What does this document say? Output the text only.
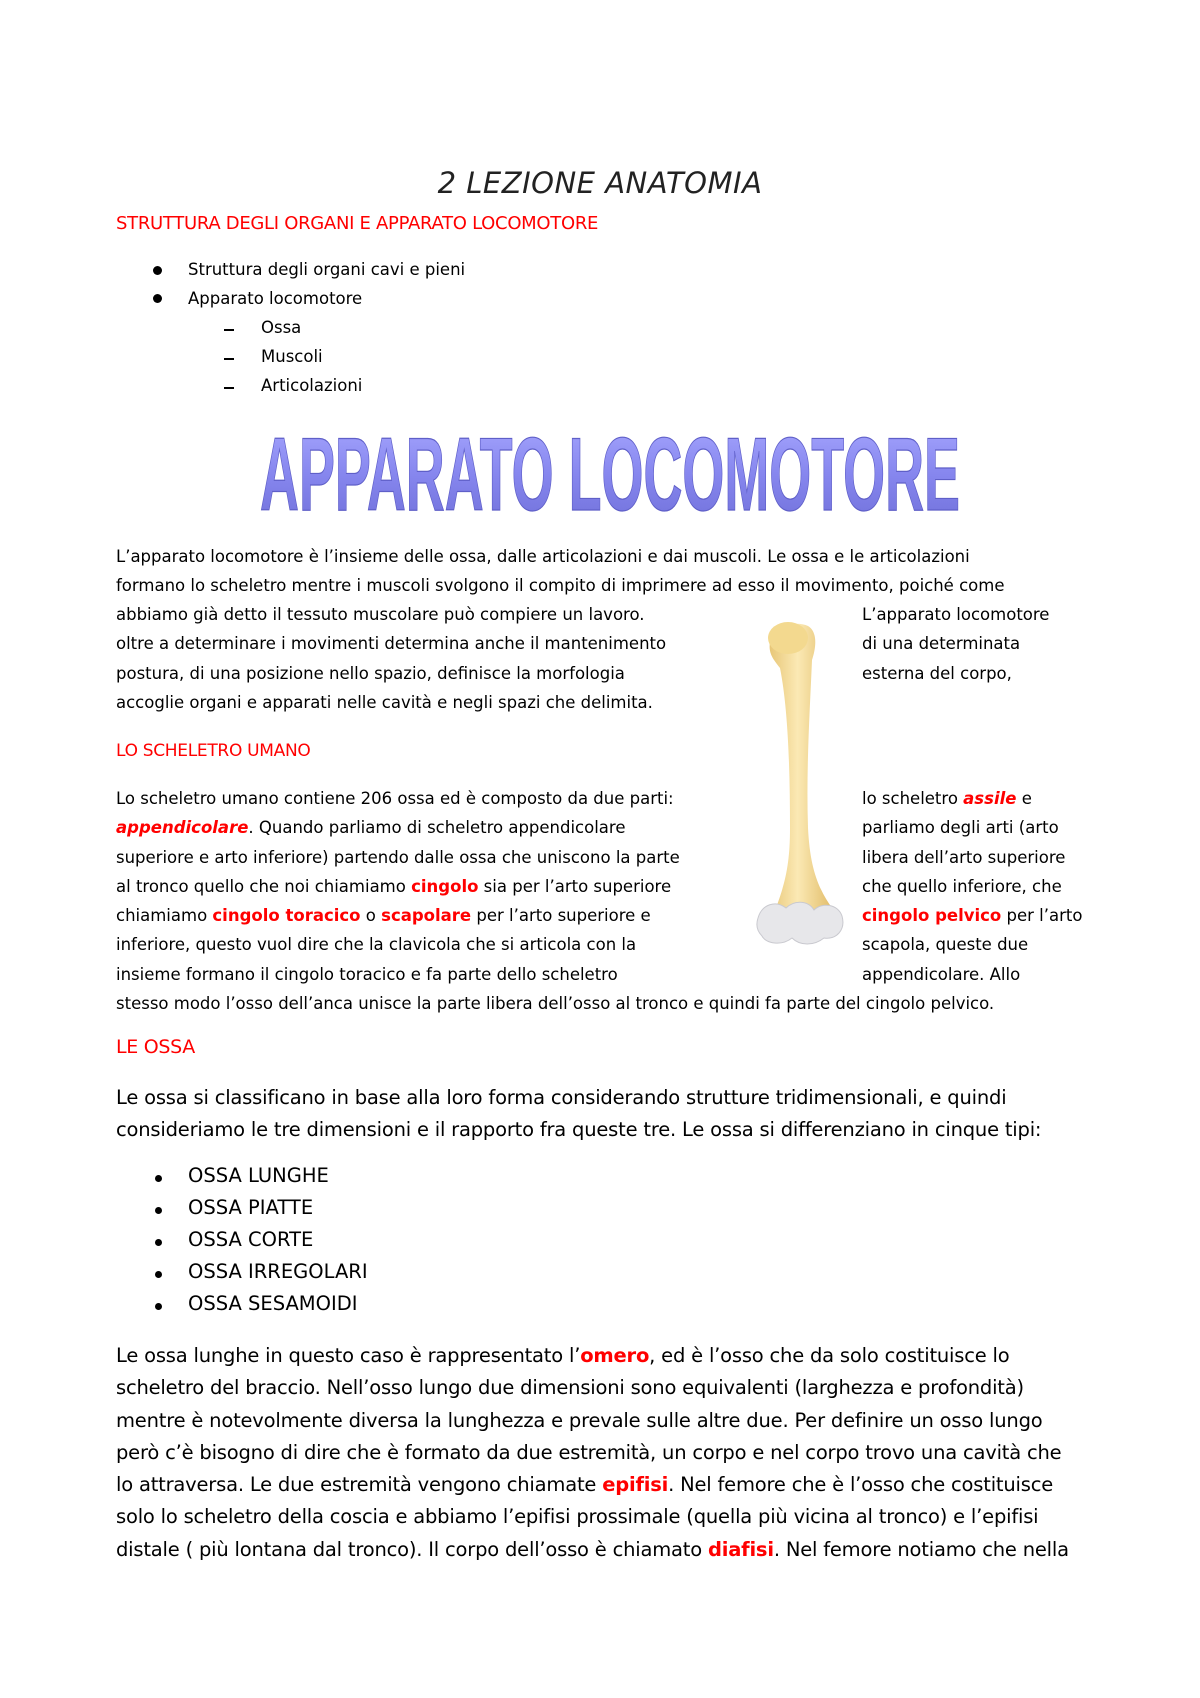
2 LEZIONE ANATOMIA
STRUTTURA DEGLI ORGANI E APPARATO LOCOMOTORE
Struttura degli organi cavi e pieni
Apparato locomotore
Ossa
Muscoli
Articolazioni
APPARATO LOCOMOTORE
L’apparato locomotore è l’insieme delle ossa, dalle articolazioni e dai muscoli. Le ossa e le articolazioni
formano lo scheletro mentre i muscoli svolgono il compito di imprimere ad esso il movimento, poiché come
abbiamo già detto il tessuto muscolare può compiere un lavoro.
oltre a determinare i movimenti determina anche il mantenimento
postura, di una posizione nello spazio, definisce la morfologia
accoglie organi e apparati nelle cavità e negli spazi che delimita.
L’apparato locomotore
di una determinata
esterna del corpo,
LO SCHELETRO UMANO
Lo scheletro umano contiene 206 ossa ed è composto da due parti:
appendicolare. Quando parliamo di scheletro appendicolare
superiore e arto inferiore) partendo dalle ossa che uniscono la parte
al tronco quello che noi chiamiamo cingolo sia per l’arto superiore
chiamiamo cingolo toracico o scapolare per l’arto superiore e
inferiore, questo vuol dire che la clavicola che si articola con la
insieme formano il cingolo toracico e fa parte dello scheletro
lo scheletro assile e
parliamo degli arti (arto
libera dell’arto superiore
che quello inferiore, che
cingolo pelvico per l’arto
scapola, queste due
appendicolare. Allo
stesso modo l’osso dell’anca unisce la parte libera dell’osso al tronco e quindi fa parte del cingolo pelvico.
LE OSSA
Le ossa si classificano in base alla loro forma considerando strutture tridimensionali, e quindi
consideriamo le tre dimensioni e il rapporto fra queste tre. Le ossa si differenziano in cinque tipi:
OSSA LUNGHE
OSSA PIATTE
OSSA CORTE
OSSA IRREGOLARI
OSSA SESAMOIDI
Le ossa lunghe in questo caso è rappresentato l’omero, ed è l’osso che da solo costituisce lo
scheletro del braccio. Nell’osso lungo due dimensioni sono equivalenti (larghezza e profondità)
mentre è notevolmente diversa la lunghezza e prevale sulle altre due. Per definire un osso lungo
però c’è bisogno di dire che è formato da due estremità, un corpo e nel corpo trovo una cavità che
lo attraversa. Le due estremità vengono chiamate epifisi. Nel femore che è l’osso che costituisce
solo lo scheletro della coscia e abbiamo l’epifisi prossimale (quella più vicina al tronco) e l’epifisi
distale ( più lontana dal tronco). Il corpo dell’osso è chiamato diafisi. Nel femore notiamo che nella
